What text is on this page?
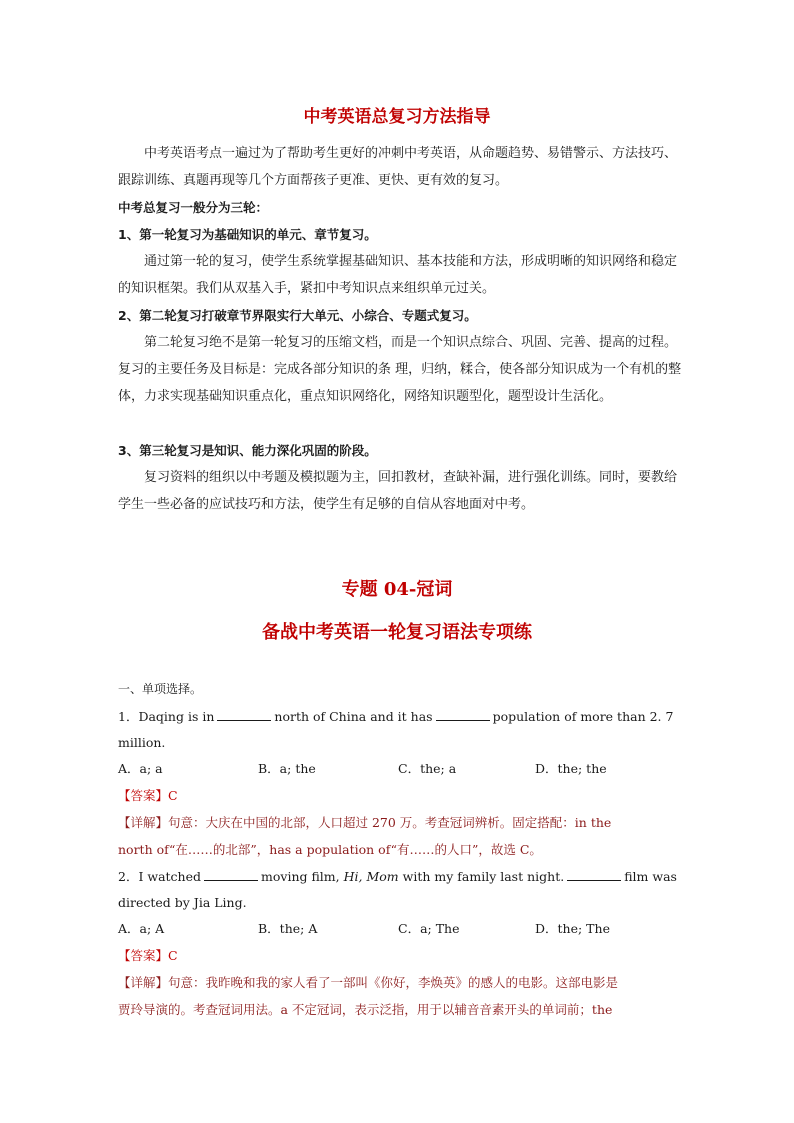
中考英语总复习方法指导
中考英语考点一遍过为了帮助考生更好的冲刺中考英语，从命题趋势、易错警示、方法技巧、跟踪训练、真题再现等几个方面帮孩子更准、更快、更有效的复习。
中考总复习一般分为三轮：
1、第一轮复习为基础知识的单元、章节复习。
通过第一轮的复习，使学生系统掌握基础知识、基本技能和方法，形成明晰的知识网络和稳定的知识框架。我们从双基入手，紧扣中考知识点来组织单元过关。
2、第二轮复习打破章节界限实行大单元、小综合、专题式复习。
第二轮复习绝不是第一轮复习的压缩文档，而是一个知识点综合、巩固、完善、提高的过程。复习的主要任务及目标是：完成各部分知识的条 理，归纳，糅合，使各部分知识成为一个有机的整体，力求实现基础知识重点化，重点知识网络化，网络知识题型化，题型设计生活化。
3、第三轮复习是知识、能力深化巩固的阶段。
复习资料的组织以中考题及模拟题为主，回扣教材，查缺补漏，进行强化训练。同时，要教给学生一些必备的应试技巧和方法，使学生有足够的自信从容地面对中考。
专题 04-冠词
备战中考英语一轮复习语法专项练
一、单项选择。
1．Daqing is in	north of China and it has	population of more than 2. 7
million.
A．a; a	B．a; the	C．the; a	D．the; the
【答案】C
【详解】句意：大庆在中国的北部，人口超过 270 万。考查冠词辨析。固定搭配：in the
north of“在……的北部”，has a population of“有……的人口”，故选 C。
2．I watched	moving film, Hi, Mom with my family last night.	film was
directed by Jia Ling.
A．a; A	B．the; A	C．a; The	D．the; The
【答案】C
【详解】句意：我昨晚和我的家人看了一部叫《你好，李焕英》的感人的电影。这部电影是
贾玲导演的。考查冠词用法。a 不定冠词，表示泛指，用于以辅音音素开头的单词前；the
